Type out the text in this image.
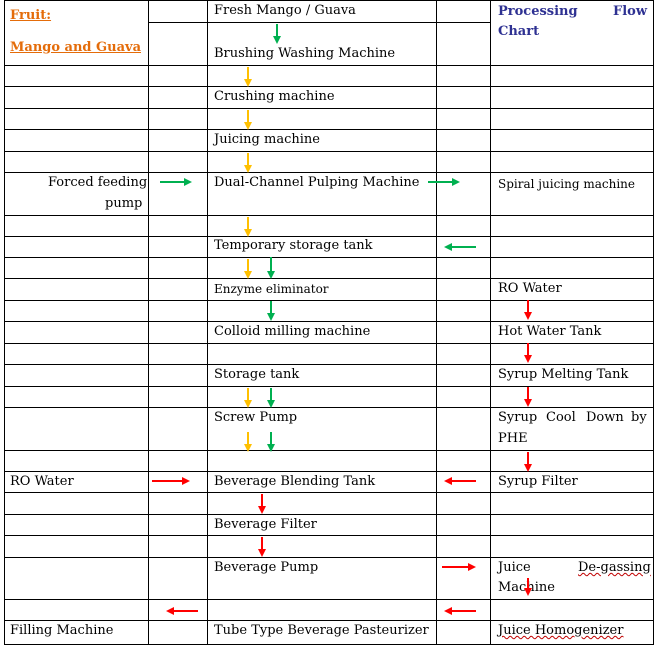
Fruit:
Mango and Guava
Processing	Flow
Chart
Fresh Mango / Guava
Brushing Washing Machine
Crushing machine
Juicing machine
Dual-Channel Pulping Machine
Temporary storage tank
Enzyme eliminator
Colloid milling machine
Storage tank
Screw Pump
Beverage Blending Tank
Beverage Filter
Beverage Pump
Tube Type Beverage Pasteurizer
Forced feeding
pump
RO Water
Filling Machine
Spiral juicing machine
RO Water
Hot Water Tank
Syrup Melting Tank
Syrup Cool Down by
PHE
Syrup Filter
Juice	De-gassing
Machine
Juice Homogenizer
